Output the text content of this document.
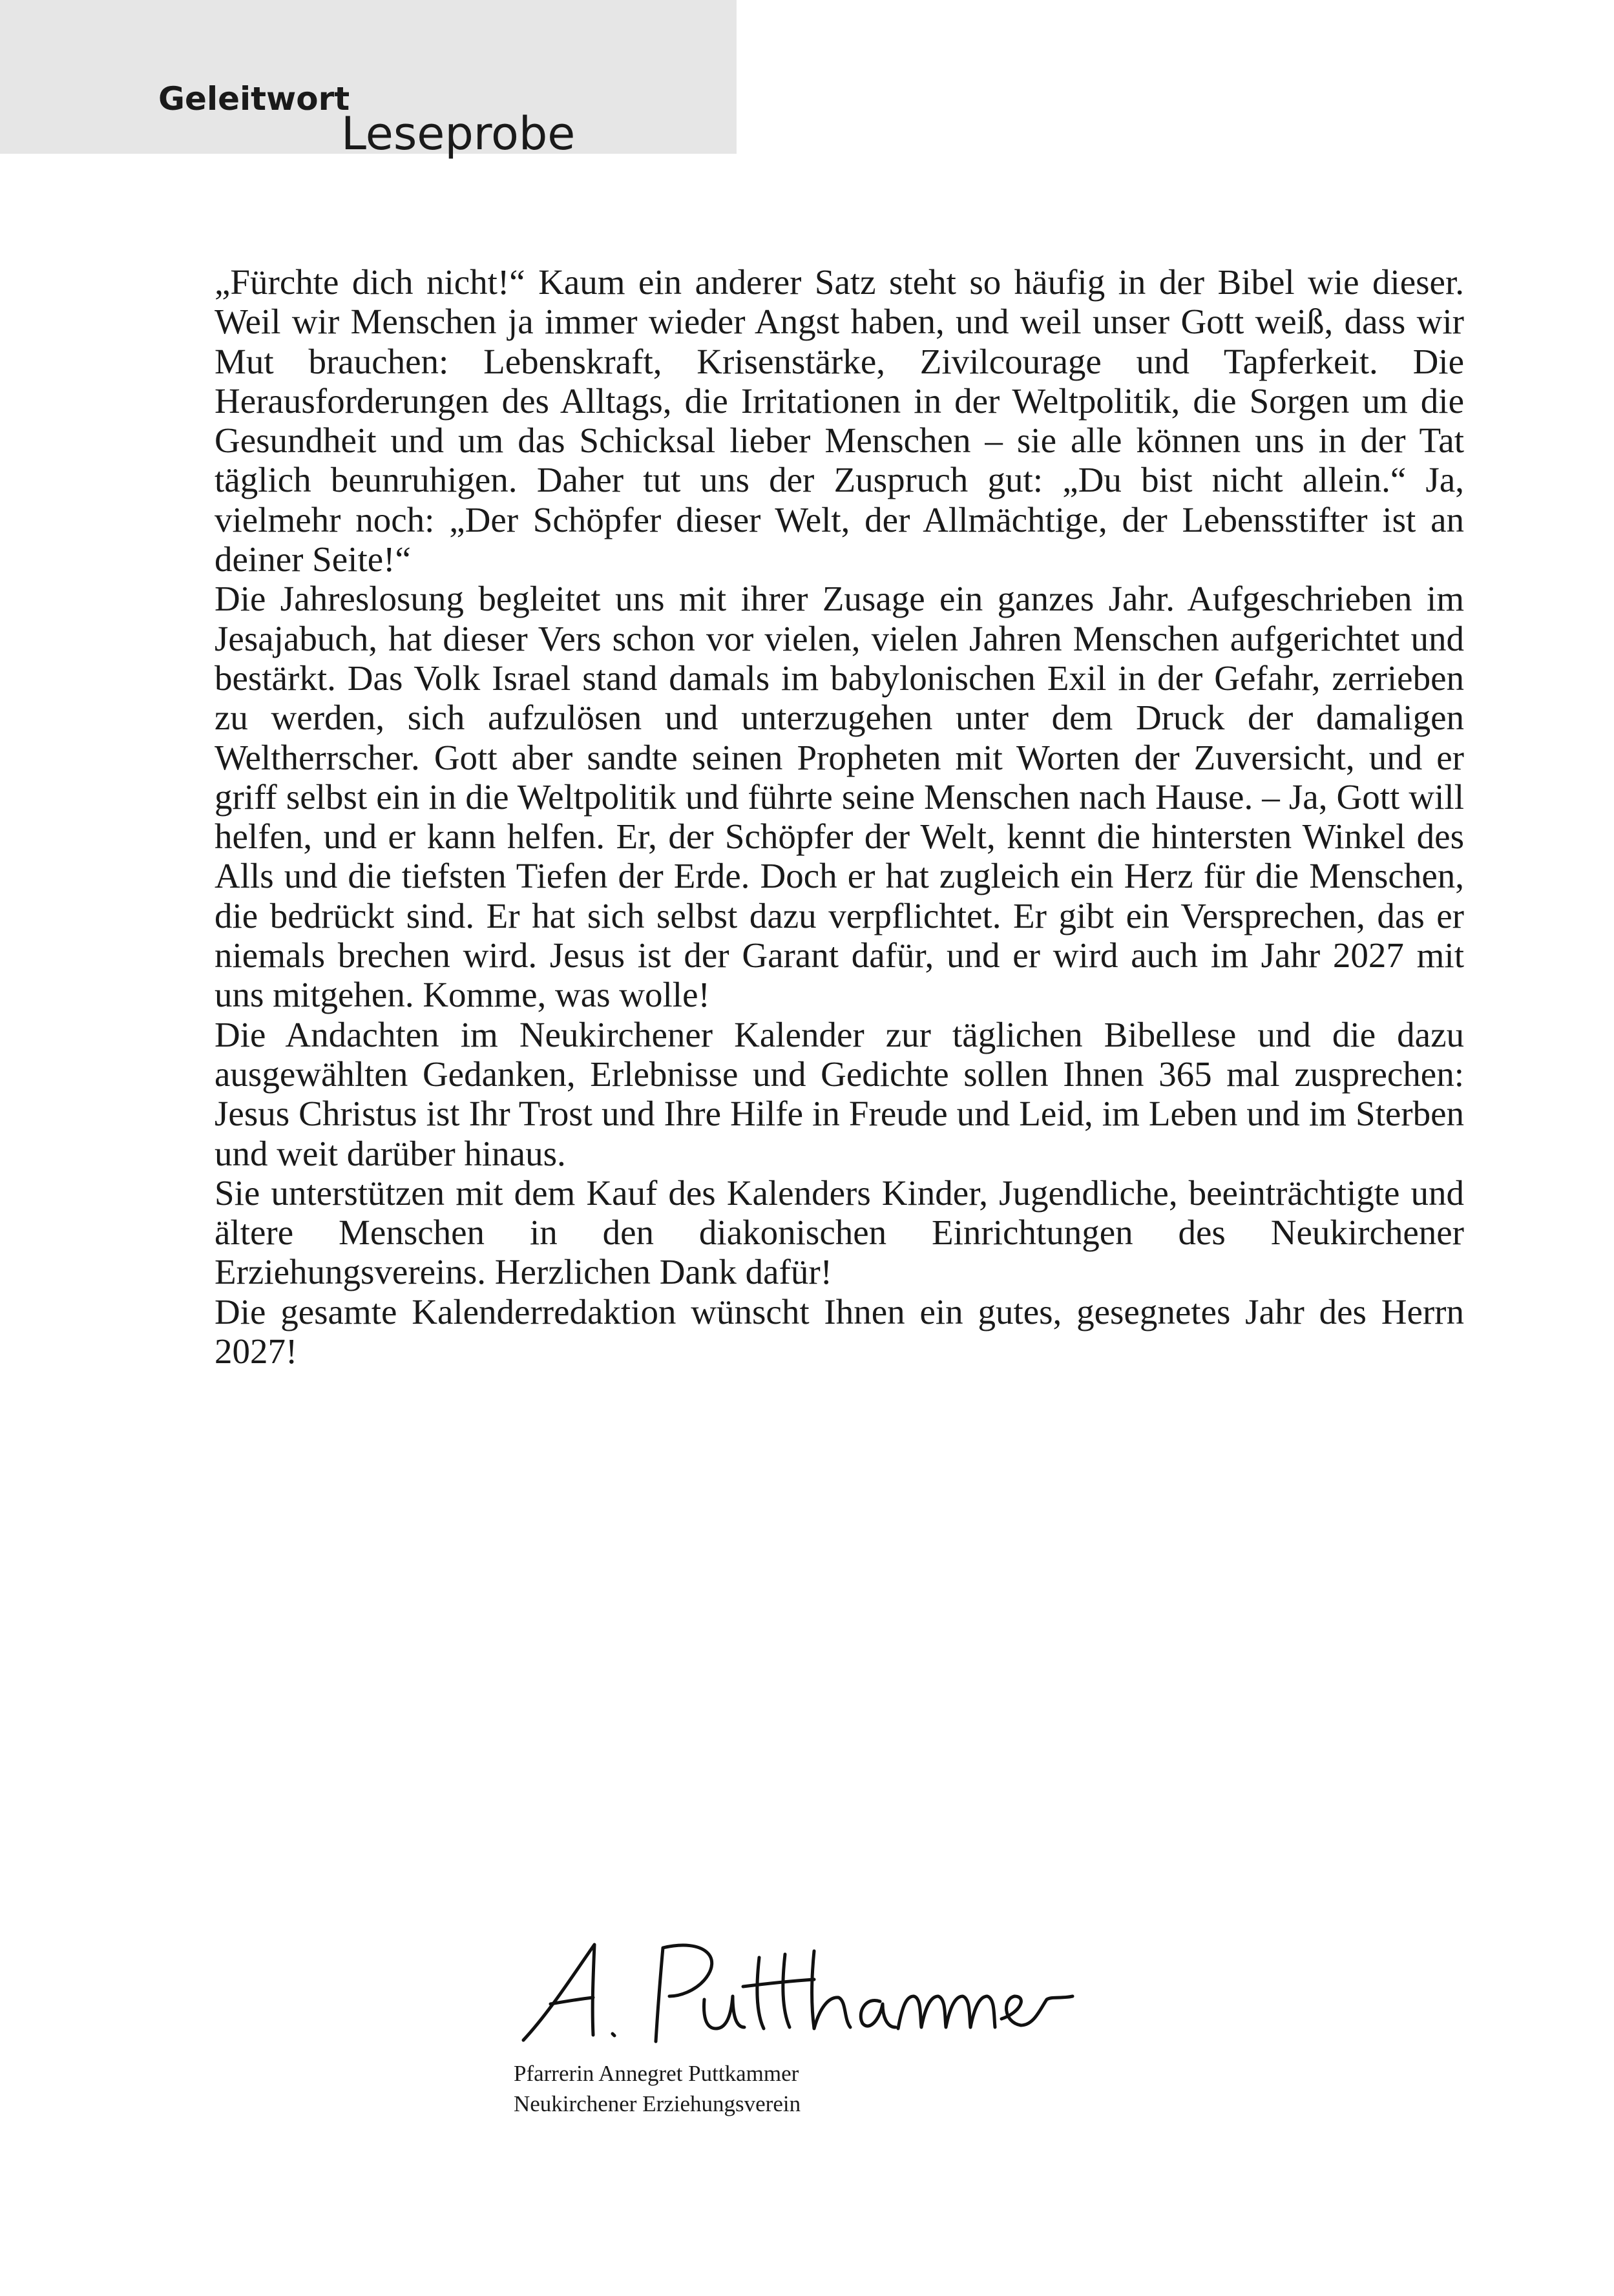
Geleitwort
Leseprobe

„Fürchte dich nicht!“ Kaum ein anderer Satz steht so häufig in der Bibel wie dieser. Weil wir Menschen ja immer wieder Angst haben, und weil unser Gott weiß, dass wir Mut brauchen: Lebenskraft, Krisenstärke, Zivilcourage und Tapferkeit. Die Herausforderungen des Alltags, die Irritationen in der Weltpolitik, die Sorgen um die Gesundheit und um das Schicksal lieber Menschen – sie alle können uns in der Tat täglich beunruhigen. Daher tut uns der Zuspruch gut: „Du bist nicht allein.“ Ja, vielmehr noch: „Der Schöpfer dieser Welt, der Allmächtige, der Lebensstifter ist an deiner Seite!“

Die Jahreslosung begleitet uns mit ihrer Zusage ein ganzes Jahr. Aufgeschrieben im Jesajabuch, hat dieser Vers schon vor vielen, vielen Jahren Menschen aufgerichtet und bestärkt. Das Volk Israel stand damals im babylonischen Exil in der Gefahr, zerrieben zu werden, sich aufzulösen und unterzugehen unter dem Druck der damaligen Weltherrscher. Gott aber sandte seinen Propheten mit Worten der Zuversicht, und er griff selbst ein in die Weltpolitik und führte seine Menschen nach Hause. – Ja, Gott will helfen, und er kann helfen. Er, der Schöpfer der Welt, kennt die hintersten Winkel des Alls und die tiefsten Tiefen der Erde. Doch er hat zugleich ein Herz für die Menschen, die bedrückt sind. Er hat sich selbst dazu verpflichtet. Er gibt ein Versprechen, das er niemals brechen wird. Jesus ist der Garant dafür, und er wird auch im Jahr 2027 mit uns mitgehen. Komme, was wolle!

Die Andachten im Neukirchener Kalender zur täglichen Bibellese und die dazu ausgewählten Gedanken, Erlebnisse und Gedichte sollen Ihnen 365 mal zusprechen: Jesus Christus ist Ihr Trost und Ihre Hilfe in Freude und Leid, im Leben und im Sterben und weit darüber hinaus.

Sie unterstützen mit dem Kauf des Kalenders Kinder, Jugendliche, beeinträchtigte und ältere Menschen in den diakonischen Einrichtungen des Neukirchener Erziehungsvereins. Herzlichen Dank dafür!

Die gesamte Kalenderredaktion wünscht Ihnen ein gutes, gesegnetes Jahr des Herrn 2027!

Pfarrerin Annegret Puttkammer
Neukirchener Erziehungsverein
